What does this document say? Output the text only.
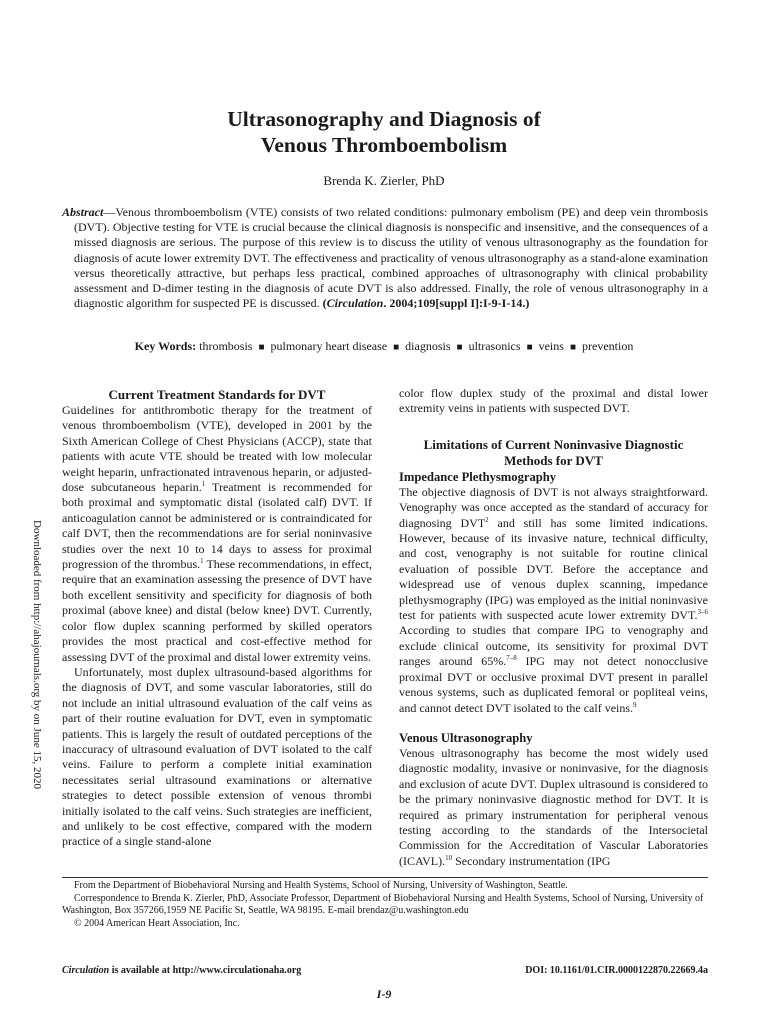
Ultrasonography and Diagnosis of
Venous Thromboembolism
Brenda K. Zierler, PhD
Abstract—Venous thromboembolism (VTE) consists of two related conditions: pulmonary embolism (PE) and deep vein thrombosis (DVT). Objective testing for VTE is crucial because the clinical diagnosis is nonspecific and insensitive, and the consequences of a missed diagnosis are serious. The purpose of this review is to discuss the utility of venous ultrasonography as the foundation for diagnosis of acute lower extremity DVT. The effectiveness and practicality of venous ultrasonography as a stand-alone examination versus theoretically attractive, but perhaps less practical, combined approaches of ultrasonography with clinical probability assessment and D-dimer testing in the diagnosis of acute DVT is also addressed. Finally, the role of venous ultrasonography in a diagnostic algorithm for suspected PE is discussed. (Circulation. 2004;109[suppl I]:I-9-I-14.)
Key Words: thrombosis ■ pulmonary heart disease ■ diagnosis ■ ultrasonics ■ veins ■ prevention
Downloaded from http://ahajournals.org by on June 15, 2020
Current Treatment Standards for DVT

Guidelines for antithrombotic therapy for the treatment of venous thromboembolism (VTE), developed in 2001 by the Sixth American College of Chest Physicians (ACCP), state that patients with acute VTE should be treated with low molecular weight heparin, unfractionated intravenous heparin, or adjusted-dose subcutaneous heparin.$^1$ Treatment is recommended for both proximal and symptomatic distal (isolated calf) DVT. If anticoagulation cannot be administered or is contraindicated for calf DVT, then the recommendations are for serial noninvasive studies over the next 10 to 14 days to assess for proximal progression of the thrombus.$^1$ These recommendations, in effect, require that an examination assessing the presence of DVT have both excellent sensitivity and specificity for diagnosis of both proximal (above knee) and distal (below knee) DVT. Currently, color flow duplex scanning performed by skilled operators provides the most practical and cost-effective method for assessing DVT of the proximal and distal lower extremity veins.

Unfortunately, most duplex ultrasound-based algorithms for the diagnosis of DVT, and some vascular laboratories, still do not include an initial ultrasound evaluation of the calf veins as part of their routine evaluation for DVT, even in symptomatic patients. This is largely the result of outdated perceptions of the inaccuracy of ultrasound evaluation of DVT isolated to the calf veins. Failure to perform a complete initial examination necessitates serial ultrasound examinations or alternative strategies to detect possible extension of venous thrombi initially isolated to the calf veins. Such strategies are inefficient, and unlikely to be cost effective, compared with the modern practice of a single stand-alone

color flow duplex study of the proximal and distal lower extremity veins in patients with suspected DVT.

Limitations of Current Noninvasive Diagnostic Methods for DVT
Impedance Plethysmography

The objective diagnosis of DVT is not always straightforward. Venography was once accepted as the standard of accuracy for diagnosing DVT$^2$ and still has some limited indications. However, because of its invasive nature, technical difficulty, and cost, venography is not suitable for routine clinical evaluation of possible DVT. Before the acceptance and widespread use of venous duplex scanning, impedance plethysmography (IPG) was employed as the initial noninvasive test for patients with suspected acute lower extremity DVT.$^{3-6}$ According to studies that compare IPG to venography and exclude clinical outcome, its sensitivity for proximal DVT ranges around 65%.$^{7-8}$ IPG may not detect nonocclusive proximal DVT or occlusive proximal DVT present in parallel venous systems, such as duplicated femoral or popliteal veins, and cannot detect DVT isolated to the calf veins.$^9$

Venous Ultrasonography

Venous ultrasonography has become the most widely used diagnostic modality, invasive or noninvasive, for the diagnosis and exclusion of acute DVT. Duplex ultrasound is considered to be the primary noninvasive diagnostic method for DVT. It is required as primary instrumentation for peripheral venous testing according to the standards of the Intersocietal Commission for the Accreditation of Vascular Laboratories (ICAVL).$^{10}$ Secondary instrumentation (IPG

From the Department of Biobehavioral Nursing and Health Systems, School of Nursing, University of Washington, Seattle.

Correspondence to Brenda K. Zierler, PhD, Associate Professor, Department of Biobehavioral Nursing and Health Systems, School of Nursing, University of Washington, Box 357266,1959 NE Pacific St, Seattle, WA 98195. E-mail brendaz@u.washington.edu

© 2004 American Heart Association, Inc.

Circulation is available at http://www.circulationaha.org	DOI: 10.1161/01.CIR.0000122870.22669.4a
I-9
